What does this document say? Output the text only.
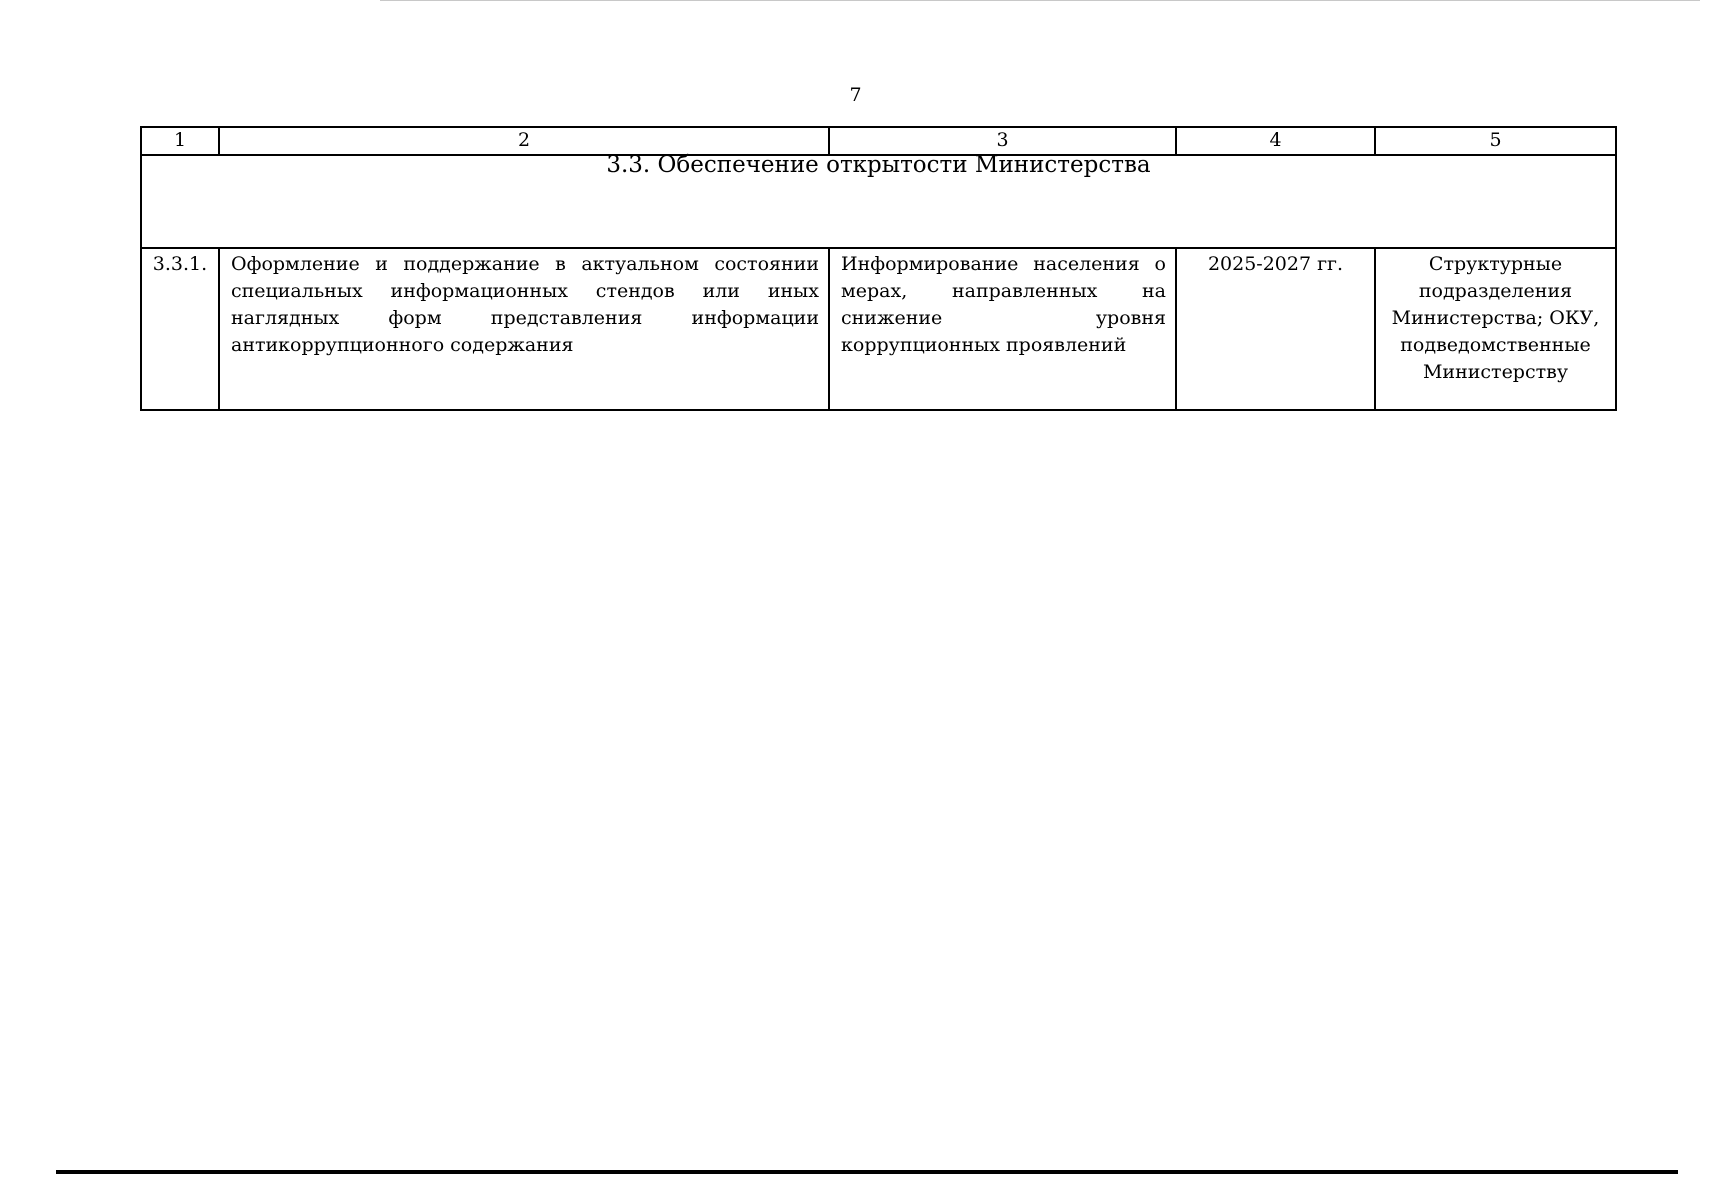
7
1	2	3	4	5
3.3. Обеспечение открытости Министерства				
3.3.1.	Оформление и поддержание в актуальном состоянии специальных информационных стендов или иных наглядных форм представления информации антикоррупционного содержания	Информирование населения о мерах, направленных на снижение уровня коррупционных проявлений	2025-2027 гг.	Структурные подразделения Министерства; ОКУ, подведомственные Министерству
